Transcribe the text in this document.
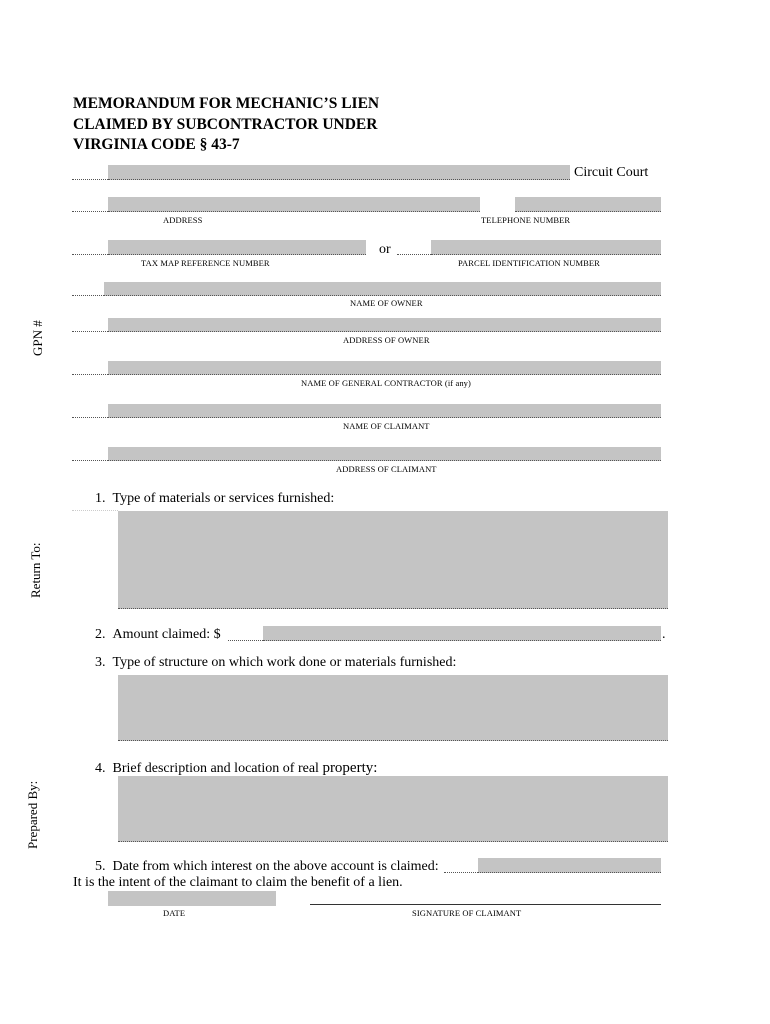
MEMORANDUM FOR MECHANIC’S LIEN
CLAIMED BY SUBCONTRACTOR UNDER
VIRGINIA CODE § 43-7
GPN #
Return To:
Prepared By:
Circuit Court
ADDRESS	TELEPHONE NUMBER
or
TAX MAP REFERENCE NUMBER	PARCEL IDENTIFICATION NUMBER
NAME OF OWNER
ADDRESS OF OWNER
NAME OF GENERAL CONTRACTOR (if any)
NAME OF CLAIMANT
ADDRESS OF CLAIMANT
1.  Type of materials or services furnished:
2.  Amount claimed: $	.
3.  Type of structure on which work done or materials furnished:
4.  Brief description and location of real property:
5.  Date from which interest on the above account is claimed:
It is the intent of the claimant to claim the benefit of a lien.
DATE	SIGNATURE OF CLAIMANT
